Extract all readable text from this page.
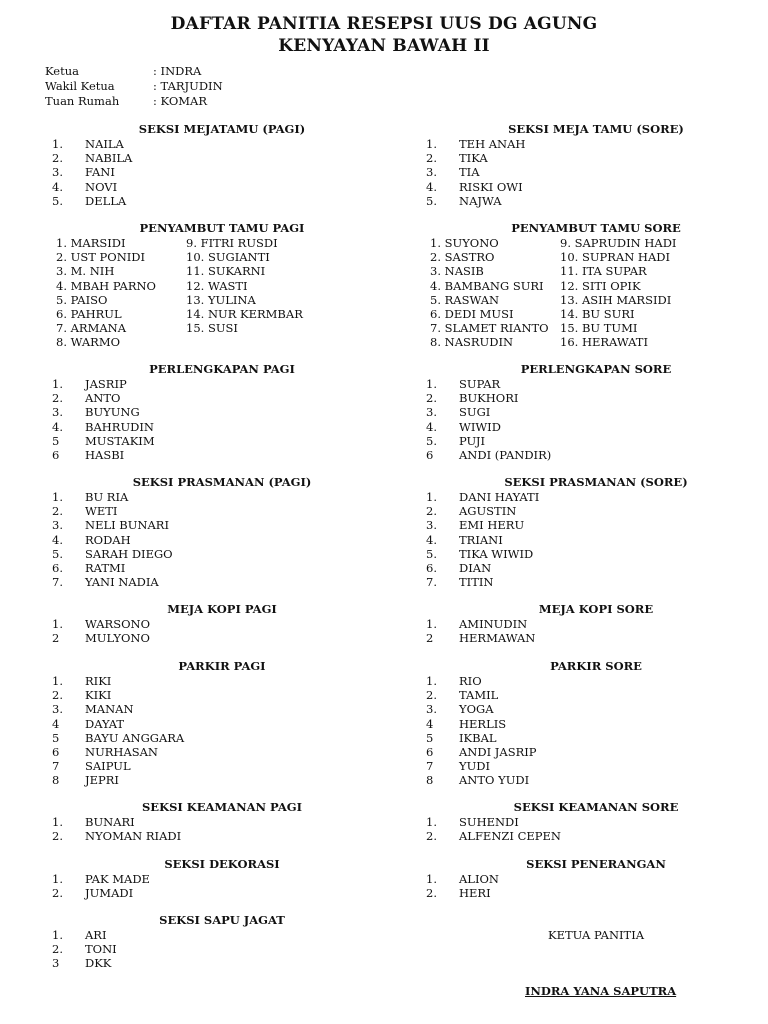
DAFTAR PANITIA RESEPSI UUS DG AGUNG
KENYAYAN BAWAH II
Ketua	: INDRA
Wakil Ketua	: TARJUDIN
Tuan Rumah	: KOMAR
SEKSI MEJATAMU (PAGI)
1. NAILA
2. NABILA
3. FANI
4. NOVI
5. DELLA
PENYAMBUT TAMU PAGI
1. MARSIDI
2. UST PONIDI
3. M. NIH
4. MBAH PARNO
5. PAISO
6. PAHRUL
7. ARMANA
8. WARMO
9. FITRI RUSDI
10. SUGIANTI
11. SUKARNI
12. WASTI
13. YULINA
14. NUR KERMBAR
15. SUSI
PERLENGKAPAN PAGI
1. JASRIP
2. ANTO
3. BUYUNG
4. BAHRUDIN
5 MUSTAKIM
6 HASBI
SEKSI PRASMANAN (PAGI)
1. BU RIA
2. WETI
3. NELI BUNARI
4. RODAH
5. SARAH DIEGO
6. RATMI
7. YANI NADIA
MEJA KOPI PAGI
1. WARSONO
2 MULYONO
PARKIR PAGI
1. RIKI
2. KIKI
3. MANAN
4 DAYAT
5 BAYU ANGGARA
6 NURHASAN
7 SAIPUL
8 JEPRI
SEKSI KEAMANAN PAGI
1. BUNARI
2. NYOMAN RIADI
SEKSI DEKORASI
1. PAK MADE
2. JUMADI
SEKSI SAPU JAGAT
1. ARI
2. TONI
3 DKK
SEKSI MEJA TAMU (SORE)
1. TEH ANAH
2. TIKA
3. TIA
4. RISKI OWI
5. NAJWA
PENYAMBUT TAMU SORE
1. SUYONO
2. SASTRO
3. NASIB
4. BAMBANG SURI
5. RASWAN
6. DEDI MUSI
7. SLAMET RIANTO
8. NASRUDIN
9. SAPRUDIN HADI
10. SUPRAN HADI
11. ITA SUPAR
12. SITI OPIK
13. ASIH MARSIDI
14. BU SURI
15. BU TUMI
16. HERAWATI
PERLENGKAPAN SORE
1. SUPAR
2. BUKHORI
3. SUGI
4. WIWID
5. PUJI
6 ANDI (PANDIR)
SEKSI PRASMANAN (SORE)
1. DANI HAYATI
2. AGUSTIN
3. EMI HERU
4. TRIANI
5. TIKA WIWID
6. DIAN
7. TITIN
MEJA KOPI SORE
1. AMINUDIN
2 HERMAWAN
PARKIR SORE
1. RIO
2. TAMIL
3. YOGA
4 HERLIS
5 IKBAL
6 ANDI JASRIP
7 YUDI
8 ANTO YUDI
SEKSI KEAMANAN SORE
1. SUHENDI
2. ALFENZI CEPEN
SEKSI PENERANGAN
1. ALION
2. HERI
KETUA PANITIA
INDRA YANA SAPUTRA
